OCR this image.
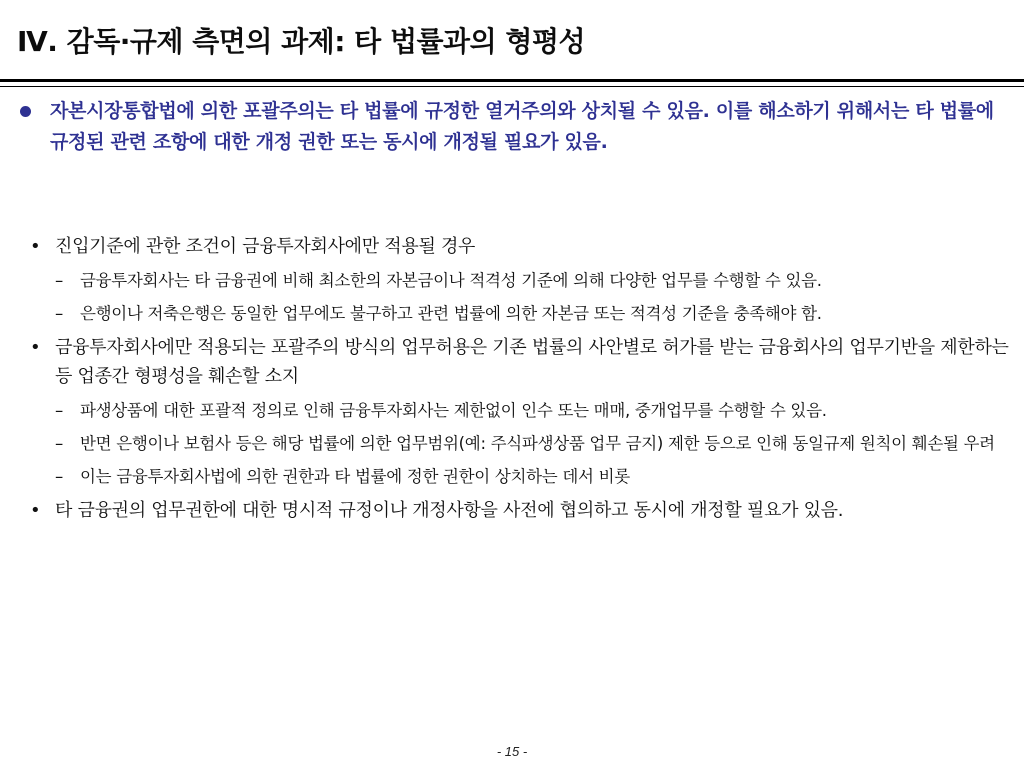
Ⅳ. 감독·규제 측면의 과제: 타 법률과의 형평성
자본시장통합법에 의한 포괄주의는 타 법률에 규정한 열거주의와 상치될 수 있음. 이를 해소하기 위해서는 타 법률에 규정된 관련 조항에 대한 개정 권한 또는 동시에 개정될 필요가 있음.
• 진입기준에 관한 조건이 금융투자회사에만 적용될 경우
– 금융투자회사는 타 금융권에 비해 최소한의 자본금이나 적격성 기준에 의해 다양한 업무를 수행할 수 있음.
– 은행이나 저축은행은 동일한 업무에도 불구하고 관련 법률에 의한 자본금 또는 적격성 기준을 충족해야 함.
• 금융투자회사에만 적용되는 포괄주의 방식의 업무허용은 기존 법률의 사안별로 허가를 받는 금융회사의 업무기반을 제한하는 등 업종간 형평성을 훼손할 소지
– 파생상품에 대한 포괄적 정의로 인해 금융투자회사는 제한없이 인수 또는 매매, 중개업무를 수행할 수 있음.
– 반면 은행이나 보험사 등은 해당 법률에 의한 업무범위(예: 주식파생상품 업무 금지) 제한 등으로 인해 동일규제 원칙이 훼손될 우려
– 이는 금융투자회사법에 의한 권한과 타 법률에 정한 권한이 상치하는 데서 비롯
• 타 금융권의 업무권한에 대한 명시적 규정이나 개정사항을 사전에 협의하고 동시에 개정할 필요가 있음.
- 15 -
